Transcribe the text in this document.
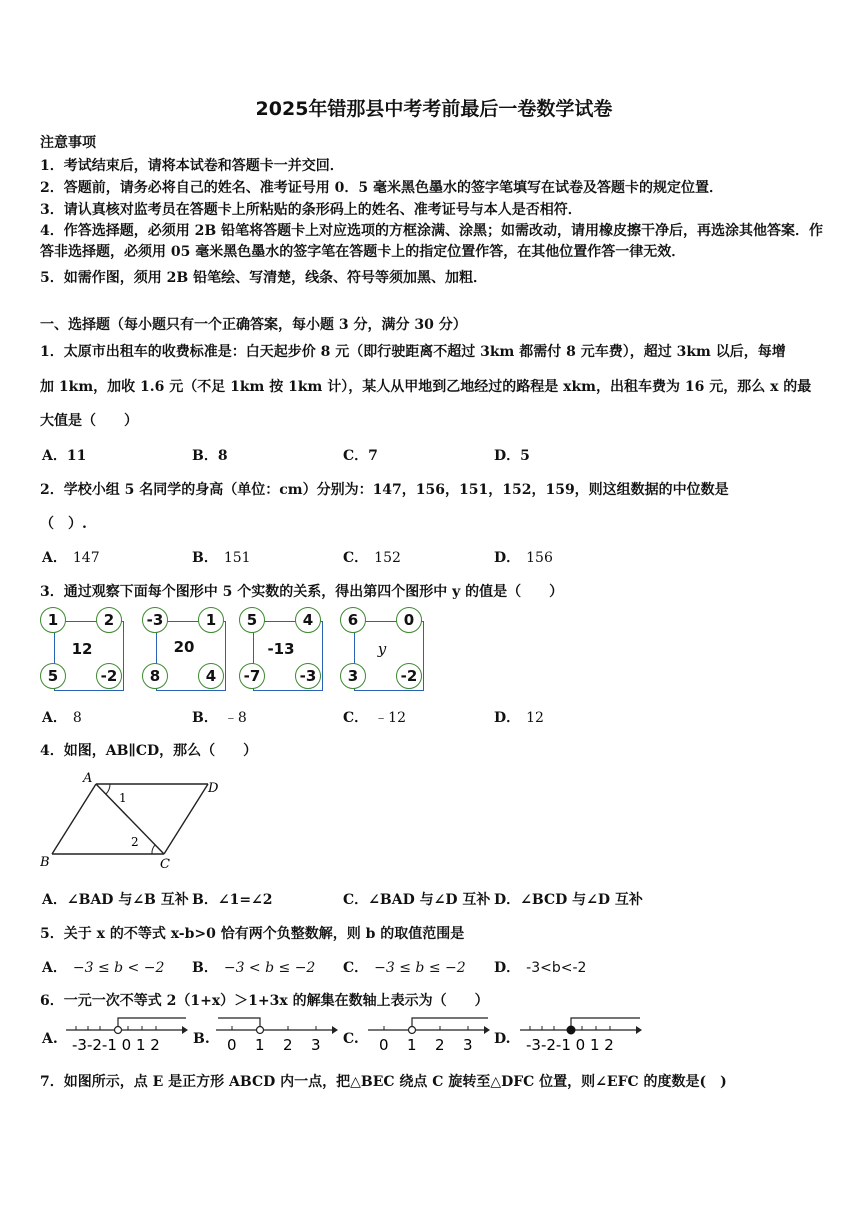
2025年错那县中考考前最后一卷数学试卷
注意事项
1．考试结束后，请将本试卷和答题卡一并交回．
2．答题前，请务必将自己的姓名、准考证号用 0．5 毫米黑色墨水的签字笔填写在试卷及答题卡的规定位置．
3．请认真核对监考员在答题卡上所粘贴的条形码上的姓名、准考证号与本人是否相符．
4．作答选择题，必须用 2B 铅笔将答题卡上对应选项的方框涂满、涂黑；如需改动，请用橡皮擦干净后，再选涂其他答案．作答非选择题，必须用 05 毫米黑色墨水的签字笔在答题卡上的指定位置作答，在其他位置作答一律无效．
5．如需作图，须用 2B 铅笔绘、写清楚，线条、符号等须加黑、加粗．
一、选择题（每小题只有一个正确答案，每小题 3 分，满分 30 分）
1．太原市出租车的收费标准是：白天起步价 8 元（即行驶距离不超过 3km 都需付 8 元车费），超过 3km 以后，每增
加 1km，加收 1.6 元（不足 1km 按 1km 计），某人从甲地到乙地经过的路程是 xkm，出租车费为 16 元，那么 x 的最
大值是（　　）
A．11	B．8	C．7	D．5
2．学校小组 5 名同学的身高（单位：cm）分别为：147，156，151，152，159，则这组数据的中位数是
（　）.
A． 147	B． 151	C． 152	D． 156
3．通过观察下面每个图形中 5 个实数的关系，得出第四个图形中 y 的值是（　　）
1	2
5	-2
12
-3	1
8	4
20
5	4
-7	-3
-13
6	0
3	-2
y
A． 8	B． ﹣8	C． ﹣12	D． 12
4．如图，AB∥CD，那么（　　）
A
D
B	C
1
2
A．∠BAD 与∠B 互补 B．∠1=∠2	C．∠BAD 与∠D 互补 D．∠BCD 与∠D 互补
5．关于 x 的不等式 x-b>0 恰有两个负整数解，则 b 的取值范围是
A． −3 ≤ b < −2 B． −3 < b ≤ −2 C． −3 ≤ b ≤ −2 D． -3<b<-2
6．一元一次不等式 2（1+x）＞1+3x 的解集在数轴上表示为（　　）
A. -3-2-1 0 1 2 B. 0 1 2 3 C. 0 1 2 3 D. -3-2-1 0 1 2
7．如图所示，点 E 是正方形 ABCD 内一点，把△BEC 绕点 C 旋转至△DFC 位置，则∠EFC 的度数是(　)
